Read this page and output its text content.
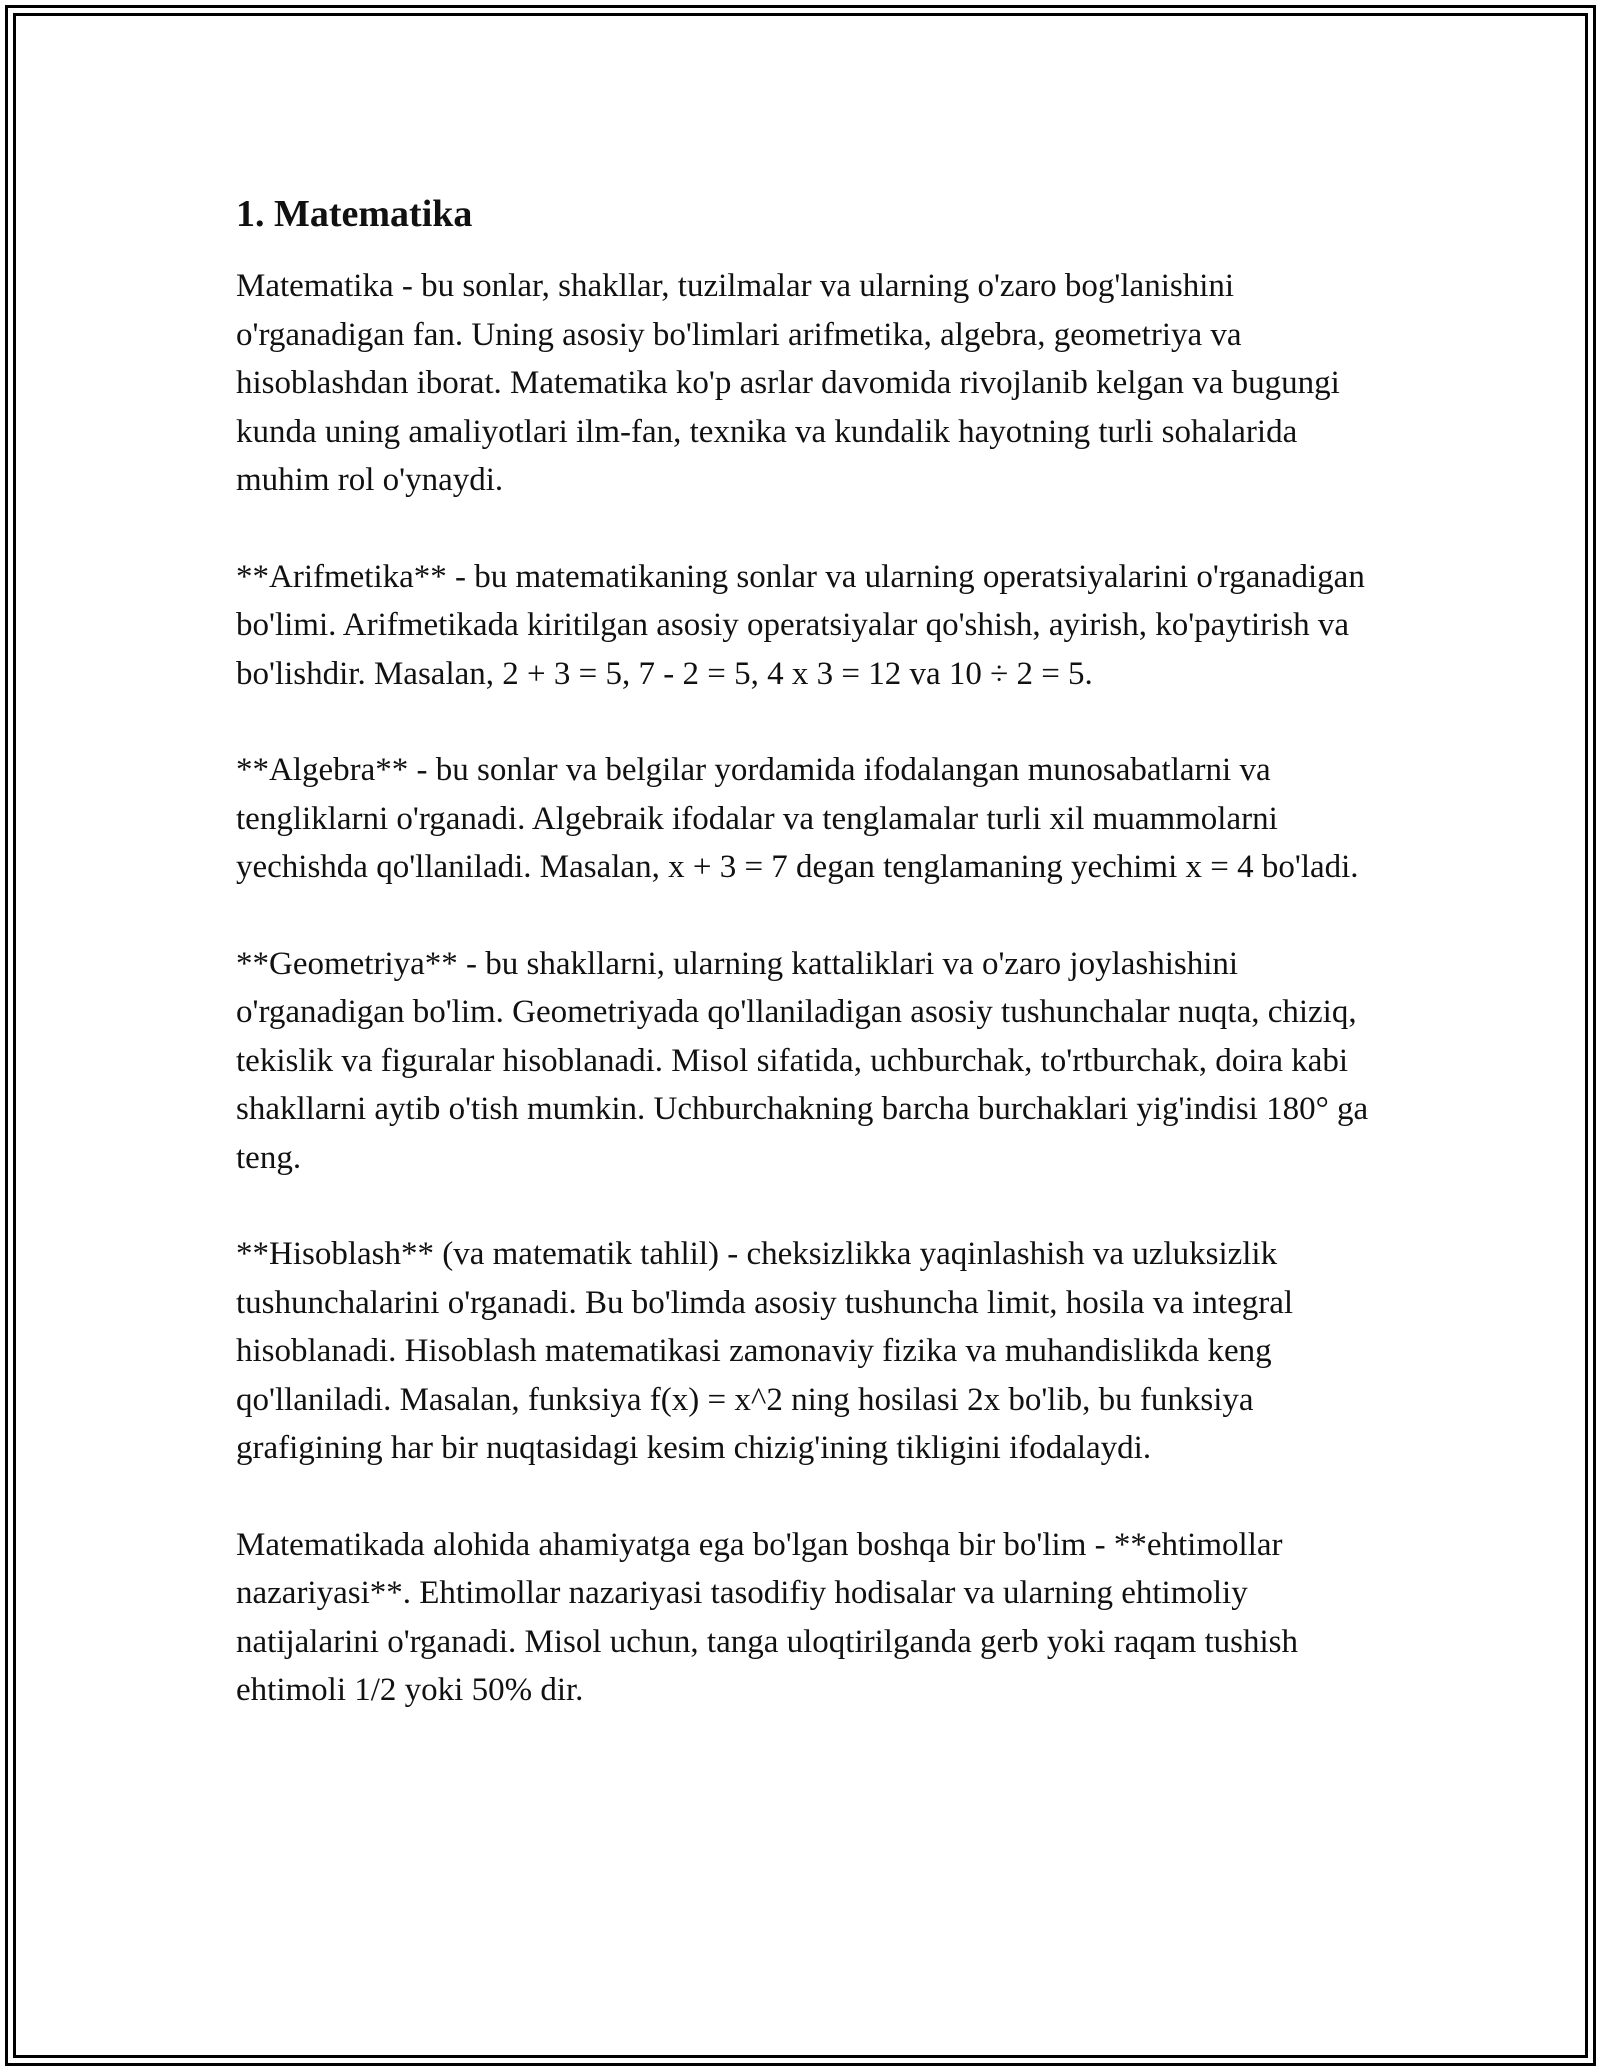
1. Matematika

Matematika - bu sonlar, shakllar, tuzilmalar va ularning o'zaro bog'lanishini o'rganadigan fan. Uning asosiy bo'limlari arifmetika, algebra, geometriya va hisoblashdan iborat. Matematika ko'p asrlar davomida rivojlanib kelgan va bugungi kunda uning amaliyotlari ilm-fan, texnika va kundalik hayotning turli sohalarida muhim rol o'ynaydi.

**Arifmetika** - bu matematikaning sonlar va ularning operatsiyalarini o'rganadigan bo'limi. Arifmetikada kiritilgan asosiy operatsiyalar qo'shish, ayirish, ko'paytirish va bo'lishdir. Masalan, 2 + 3 = 5, 7 - 2 = 5, 4 x 3 = 12 va 10 ÷ 2 = 5.

**Algebra** - bu sonlar va belgilar yordamida ifodalangan munosabatlarni va tengliklarni o'rganadi. Algebraik ifodalar va tenglamalar turli xil muammolarni yechishda qo'llaniladi. Masalan, x + 3 = 7 degan tenglamaning yechimi x = 4 bo'ladi.

**Geometriya** - bu shakllarni, ularning kattaliklari va o'zaro joylashishini o'rganadigan bo'lim. Geometriyada qo'llaniladigan asosiy tushunchalar nuqta, chiziq, tekislik va figuralar hisoblanadi. Misol sifatida, uchburchak, to'rtburchak, doira kabi shakllarni aytib o'tish mumkin. Uchburchakning barcha burchaklari yig'indisi 180° ga teng.

**Hisoblash** (va matematik tahlil) - cheksizlikka yaqinlashish va uzluksizlik tushunchalarini o'rganadi. Bu bo'limda asosiy tushuncha limit, hosila va integral hisoblanadi. Hisoblash matematikasi zamonaviy fizika va muhandislikda keng qo'llaniladi. Masalan, funksiya f(x) = x^2 ning hosilasi 2x bo'lib, bu funksiya grafigining har bir nuqtasidagi kesim chizig'ining tikligini ifodalaydi.

Matematikada alohida ahamiyatga ega bo'lgan boshqa bir bo'lim - **ehtimollar nazariyasi**. Ehtimollar nazariyasi tasodifiy hodisalar va ularning ehtimoliy natijalarini o'rganadi. Misol uchun, tanga uloqtirilganda gerb yoki raqam tushish ehtimoli 1/2 yoki 50% dir.
